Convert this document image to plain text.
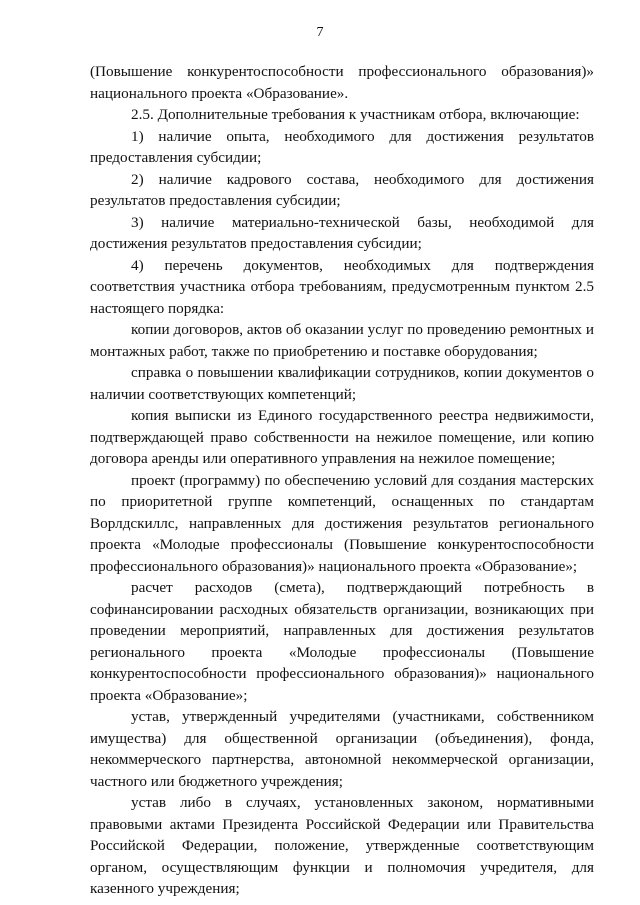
7

(Повышение конкурентоспособности профессионального образования)» национального проекта «Образование».

2.5. Дополнительные требования к участникам отбора, включающие:

1) наличие опыта, необходимого для достижения результатов предоставления субсидии;

2) наличие кадрового состава, необходимого для достижения результатов предоставления субсидии;

3) наличие материально-технической базы, необходимой для достижения результатов предоставления субсидии;

4) перечень документов, необходимых для подтверждения соответствия участника отбора требованиям, предусмотренным пунктом 2.5 настоящего порядка:

копии договоров, актов об оказании услуг по проведению ремонтных и монтажных работ, также по приобретению и поставке оборудования;

справка о повышении квалификации сотрудников, копии документов о наличии соответствующих компетенций;

копия выписки из Единого государственного реестра недвижимости, подтверждающей право собственности на нежилое помещение, или копию договора аренды или оперативного управления на нежилое помещение;

проект (программу) по обеспечению условий для создания мастерских по приоритетной группе компетенций, оснащенных по стандартам Ворлдскиллс, направленных для достижения результатов регионального проекта «Молодые профессионалы (Повышение конкурентоспособности профессионального образования)» национального проекта «Образование»;

расчет расходов (смета), подтверждающий потребность в софинансировании расходных обязательств организации, возникающих при проведении мероприятий, направленных для достижения результатов регионального проекта «Молодые профессионалы (Повышение конкурентоспособности профессионального образования)» национального проекта «Образование»;

устав, утвержденный учредителями (участниками, собственником имущества) для общественной организации (объединения), фонда, некоммерческого партнерства, автономной некоммерческой организации, частного или бюджетного учреждения;

устав либо в случаях, установленных законом, нормативными правовыми актами Президента Российской Федерации или Правительства Российской Федерации, положение, утвержденные соответствующим органом, осуществляющим функции и полномочия учредителя, для казенного учреждения;
